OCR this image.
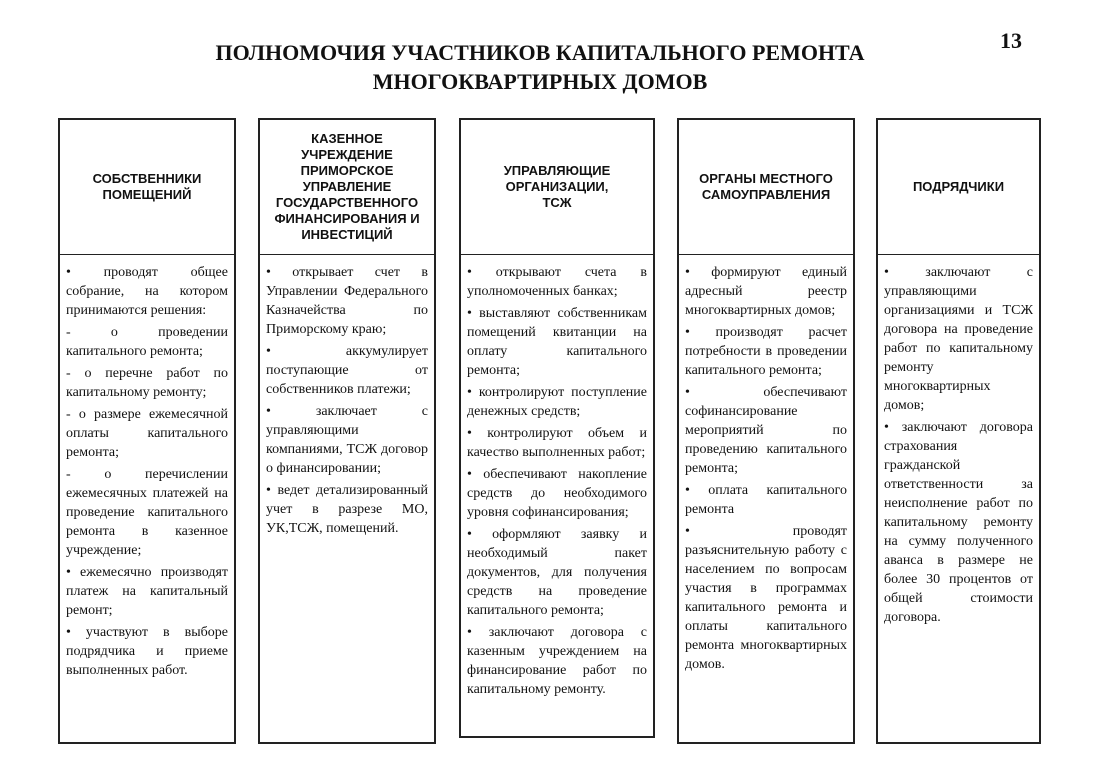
13
ПОЛНОМОЧИЯ УЧАСТНИКОВ КАПИТАЛЬНОГО РЕМОНТА
МНОГОКВАРТИРНЫХ ДОМОВ
СОБСТВЕННИКИ
ПОМЕЩЕНИЙ

• проводят общее собрание, на котором принимаются решения:

- о проведении капитального ремонта;

- о перечне работ по капитальному ремонту;

- о размере ежемесячной оплаты капитального ремонта;

- о перечислении ежемесячных платежей на проведение капитального ремонта в казенное учреждение;

• ежемесячно производят платеж на капитальный ремонт;

• участвуют в выборе подрядчика и приеме выполненных работ.

КАЗЕННОЕ
УЧРЕЖДЕНИЕ
ПРИМОРСКОЕ
УПРАВЛЕНИЕ
ГОСУДАРСТВЕННОГО
ФИНАНСИРОВАНИЯ И
ИНВЕСТИЦИЙ

• открывает счет в Управлении Федерального Казначейства по Приморскому краю;

• аккумулирует поступающие от собственников платежи;

• заключает с управляющими компаниями, ТСЖ договор о финансировании;

• ведет детализированный учет в разрезе МО, УК,ТСЖ, помещений.

УПРАВЛЯЮЩИЕ
ОРГАНИЗАЦИИ,
ТСЖ

• открывают счета в уполномоченных банках;

• выставляют собственникам помещений квитанции на оплату капитального ремонта;

• контролируют поступление денежных средств;

• контролируют объем и качество выполненных работ;

• обеспечивают накопление средств до необходимого уровня софинансирования;

• оформляют заявку и необходимый пакет документов, для получения средств на проведение капитального ремонта;

• заключают договора с казенным учреждением на финансирование работ по капитальному ремонту.

ОРГАНЫ МЕСТНОГО
САМОУПРАВЛЕНИЯ

• формируют единый адресный реестр многоквартирных домов;

• производят расчет потребности в проведении капитального ремонта;

• обеспечивают софинансирование мероприятий по проведению капитального ремонта;

• оплата капитального ремонта

• проводят разъяснительную работу с населением по вопросам участия в программах капитального ремонта и оплаты капитального ремонта многоквартирных домов.

ПОДРЯДЧИКИ

• заключают с управляющими организациями и ТСЖ договора на проведение работ по капитальному ремонту многоквартирных домов;

• заключают договора страхования гражданской ответственности за неисполнение работ по капитальному ремонту на сумму полученного аванса в размере не более 30 процентов от общей стоимости договора.
